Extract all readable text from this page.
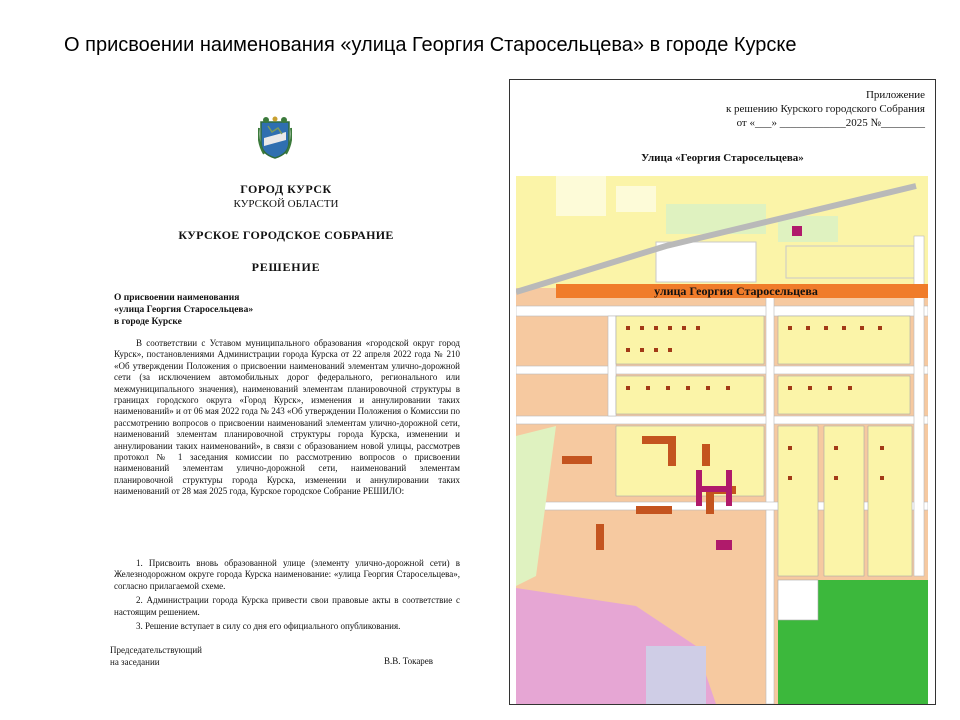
О присвоении наименования «улица Георгия Старосельцева» в городе Курске
ГОРОД КУРСК
КУРСКОЙ ОБЛАСТИ
КУРСКОЕ ГОРОДСКОЕ СОБРАНИЕ
РЕШЕНИЕ
О присвоении наименования
«улица Георгия Старосельцева»
в городе Курске

В соответствии с Уставом муниципального образования «городской округ город Курск», постановлениями Администрации города Курска от 22 апреля 2022 года № 210 «Об утверждении Положения о присвоении наименований элементам улично-дорожной сети (за исключением автомобильных дорог федерального, регионального или межмуниципального значения), наименований элементам планировочной структуры в границах городского округа «Город Курск», изменения и аннулировании таких наименований» и от 06 мая 2022 года № 243 «Об утверждении Положения о Комиссии по рассмотрению вопросов о присвоении наименований элементам улично-дорожной сети, наименований элементам планировочной структуры города Курска, изменении и аннулировании таких наименований», в связи с образованием новой улицы, рассмотрев протокол № 1 заседания комиссии по рассмотрению вопросов о присвоении наименований элементам улично-дорожной сети, наименований элементам планировочной структуры города Курска, изменении и аннулировании таких наименований от 28 мая 2025 года, Курское городское Собрание РЕШИЛО:

1. Присвоить вновь образованной улице (элементу улично-дорожной сети) в Железнодорожном округе города Курска наименование: «улица Георгия Старосельцева», согласно прилагаемой схеме.

2. Администрации города Курска привести свои правовые акты в соответствие с настоящим решением.

3. Решение вступает в силу со дня его официального опубликования.

Председательствующий
на заседании	В.В. Токарев
Приложение
к решению Курского городского Собрания
от «___» ____________2025 №________
Улица «Георгия Старосельцева»
улица Георгия Старосельцева
